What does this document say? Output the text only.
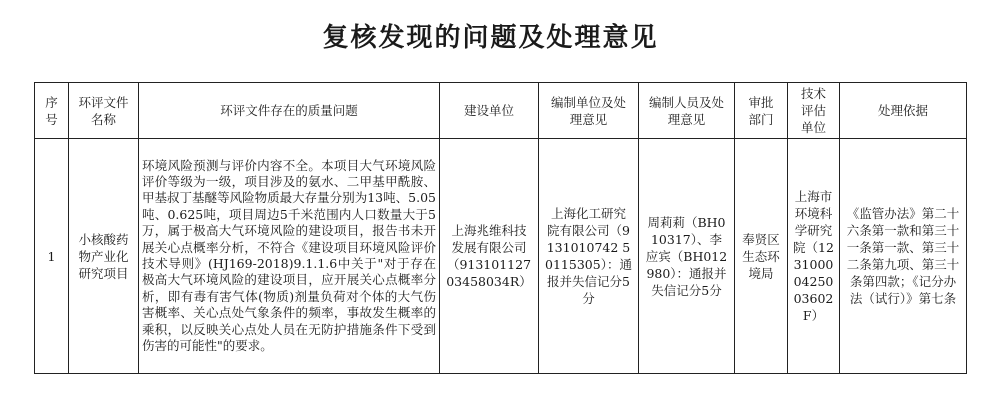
复核发现的问题及处理意见
序号	环评文件名称	环评文件存在的质量问题	建设单位	编制单位及处理意见	编制人员及处理意见	审批部门	技术评估单位	处理依据
1	小核酸药物产业化研究项目	环境风险预测与评价内容不全。本项目大气环境风险评价等级为一级，项目涉及的氨水、二甲基甲酰胺、甲基叔丁基醚等风险物质最大存量分别为13吨、5.05吨、0.625吨，项目周边5千米范围内人口数量大于5万，属于极高大气环境风险的建设项目，报告书未开展关心点概率分析，不符合《建设项目环境风险评价技术导则》(HJ169-2018)9.1.1.6中关于"对于存在极高大气环境风险的建设项目，应开展关心点概率分析，即有毒有害气体(物质)剂量负荷对个体的大气伤害概率、关心点处气象条件的频率，事故发生概率的乘积，以反映关心点处人员在无防护措施条件下受到伤害的可能性"的要求。	上海兆维科技发展有限公司（91310112703458034R）	上海化工研究院有限公司（9131010742 50115305）：通报并失信记分5分	周莉莉（BH010317）、李应宾（BH012980）：通报并失信记分5分	奉贤区生态环境局	上海市环境科学研究院（12310000425003602F）	《监管办法》第二十六条第一款和第三十一条第一款、第三十二条第九项、第三十条第四款；《记分办法（试行）》第七条
